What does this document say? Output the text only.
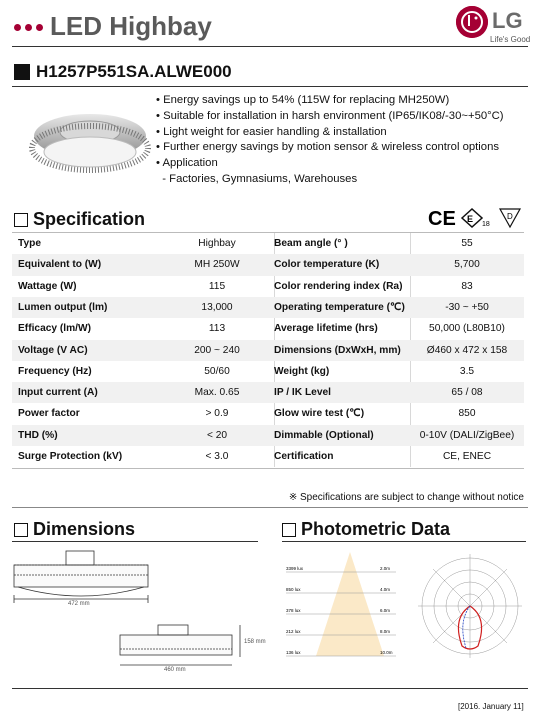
LED Highbay	LG
Life's Good
H1257P551SA.ALWE000
• Energy savings up to 54% (115W for replacing MH250W)
• Suitable for installation in harsh environment (IP65/IK08/-30~+50°C)
• Light weight for easier handling & installation
• Further energy savings by motion sensor & wireless control options
• Application
- Factories, Gymnasiums, Warehouses
Specification	CE E
18
D
Type	Highbay	Beam angle (° )	55
Equivalent to (W)	MH 250W	Color temperature (K)	5,700
Wattage (W)	115	Color rendering index (Ra)	83
Lumen output (lm)	13,000	Operating temperature (℃)	-30 ~ +50
Efficacy (lm/W)	113	Average lifetime (hrs)	50,000 (L80B10)
Voltage (V AC)	200 ~ 240	Dimensions (DxWxH, mm)	Ø460 x 472 x 158
Frequency (Hz)	50/60	Weight (kg)	3.5
Input current (A)	Max. 0.65	IP / IK Level	65 / 08
Power factor	> 0.9	Glow wire test (℃)	850
THD (%)	< 20	Dimmable (Optional)	0-10V (DALI/ZigBee)
Surge Protection (kV)	< 3.0	Certification	CE, ENEC
※ Specifications are subject to change without notice
Dimensions	Photometric Data
472 mm
460 mm
158 mm
3399 lux	2.0m
850 lux	4.0m
378 lux	6.0m
212 lux	8.0m
136 lux	10.0m
[2016. January 11]
